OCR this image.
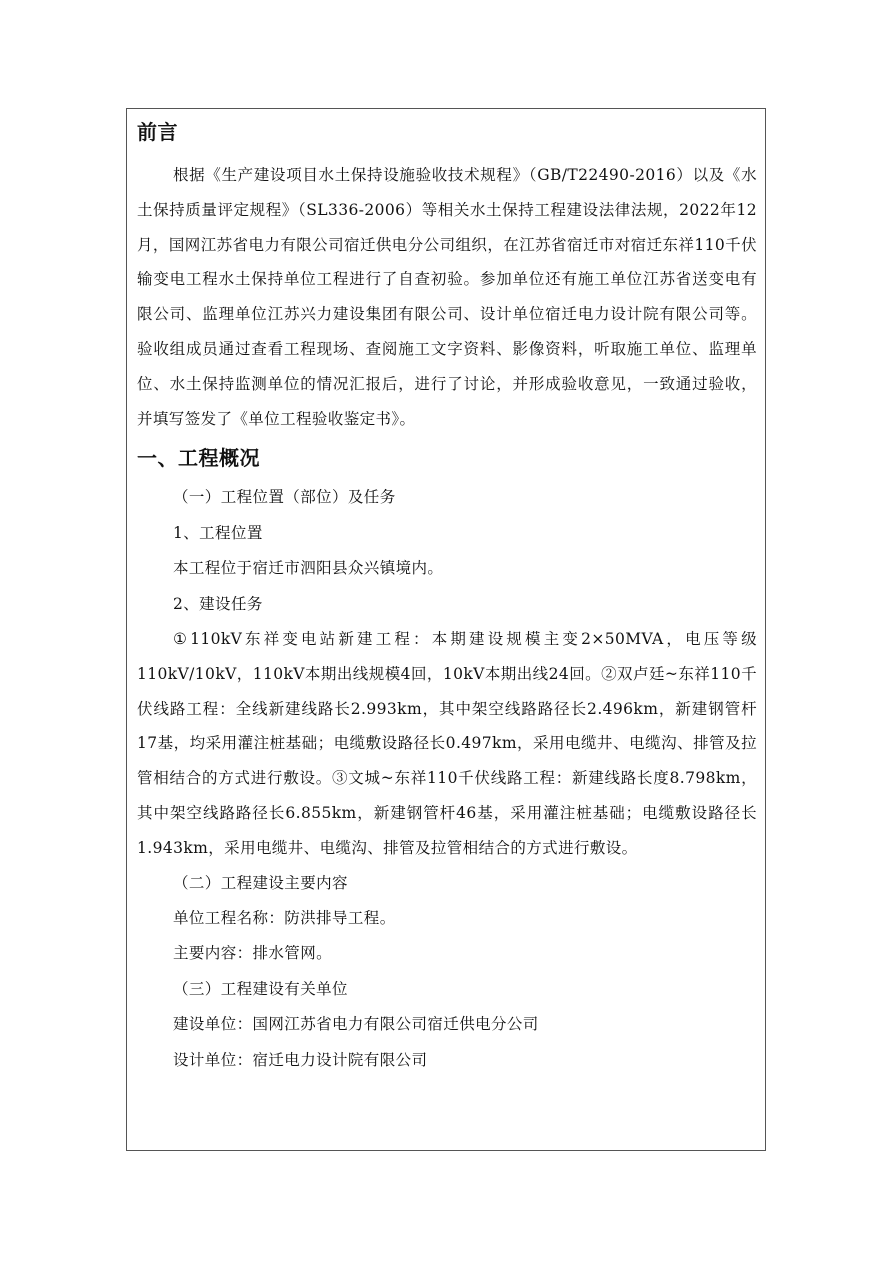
前言

根据《生产建设项目水土保持设施验收技术规程》（GB/T22490-2016）以及《水土保持质量评定规程》（SL336-2006）等相关水土保持工程建设法律法规，2022年12月，国网江苏省电力有限公司宿迁供电分公司组织，在江苏省宿迁市对宿迁东祥110千伏输变电工程水土保持单位工程进行了自查初验。参加单位还有施工单位江苏省送变电有限公司、监理单位江苏兴力建设集团有限公司、设计单位宿迁电力设计院有限公司等。验收组成员通过查看工程现场、查阅施工文字资料、影像资料，听取施工单位、监理单位、水土保持监测单位的情况汇报后，进行了讨论，并形成验收意见，一致通过验收，并填写签发了《单位工程验收鉴定书》。

一、工程概况

（一）工程位置（部位）及任务

1、工程位置

本工程位于宿迁市泗阳县众兴镇境内。

2、建设任务

①110kV东祥变电站新建工程：本期建设规模主变2×50MVA，电压等级110kV/10kV，110kV本期出线规模4回，10kV本期出线24回。②双卢廷~东祥110千伏线路工程：全线新建线路长2.993km，其中架空线路路径长2.496km，新建钢管杆17基，均采用灌注桩基础；电缆敷设路径长0.497km，采用电缆井、电缆沟、排管及拉管相结合的方式进行敷设。③文城~东祥110千伏线路工程：新建线路长度8.798km，其中架空线路路径长6.855km，新建钢管杆46基，采用灌注桩基础；电缆敷设路径长1.943km，采用电缆井、电缆沟、排管及拉管相结合的方式进行敷设。

（二）工程建设主要内容

单位工程名称：防洪排导工程。

主要内容：排水管网。

（三）工程建设有关单位

建设单位：国网江苏省电力有限公司宿迁供电分公司

设计单位：宿迁电力设计院有限公司
